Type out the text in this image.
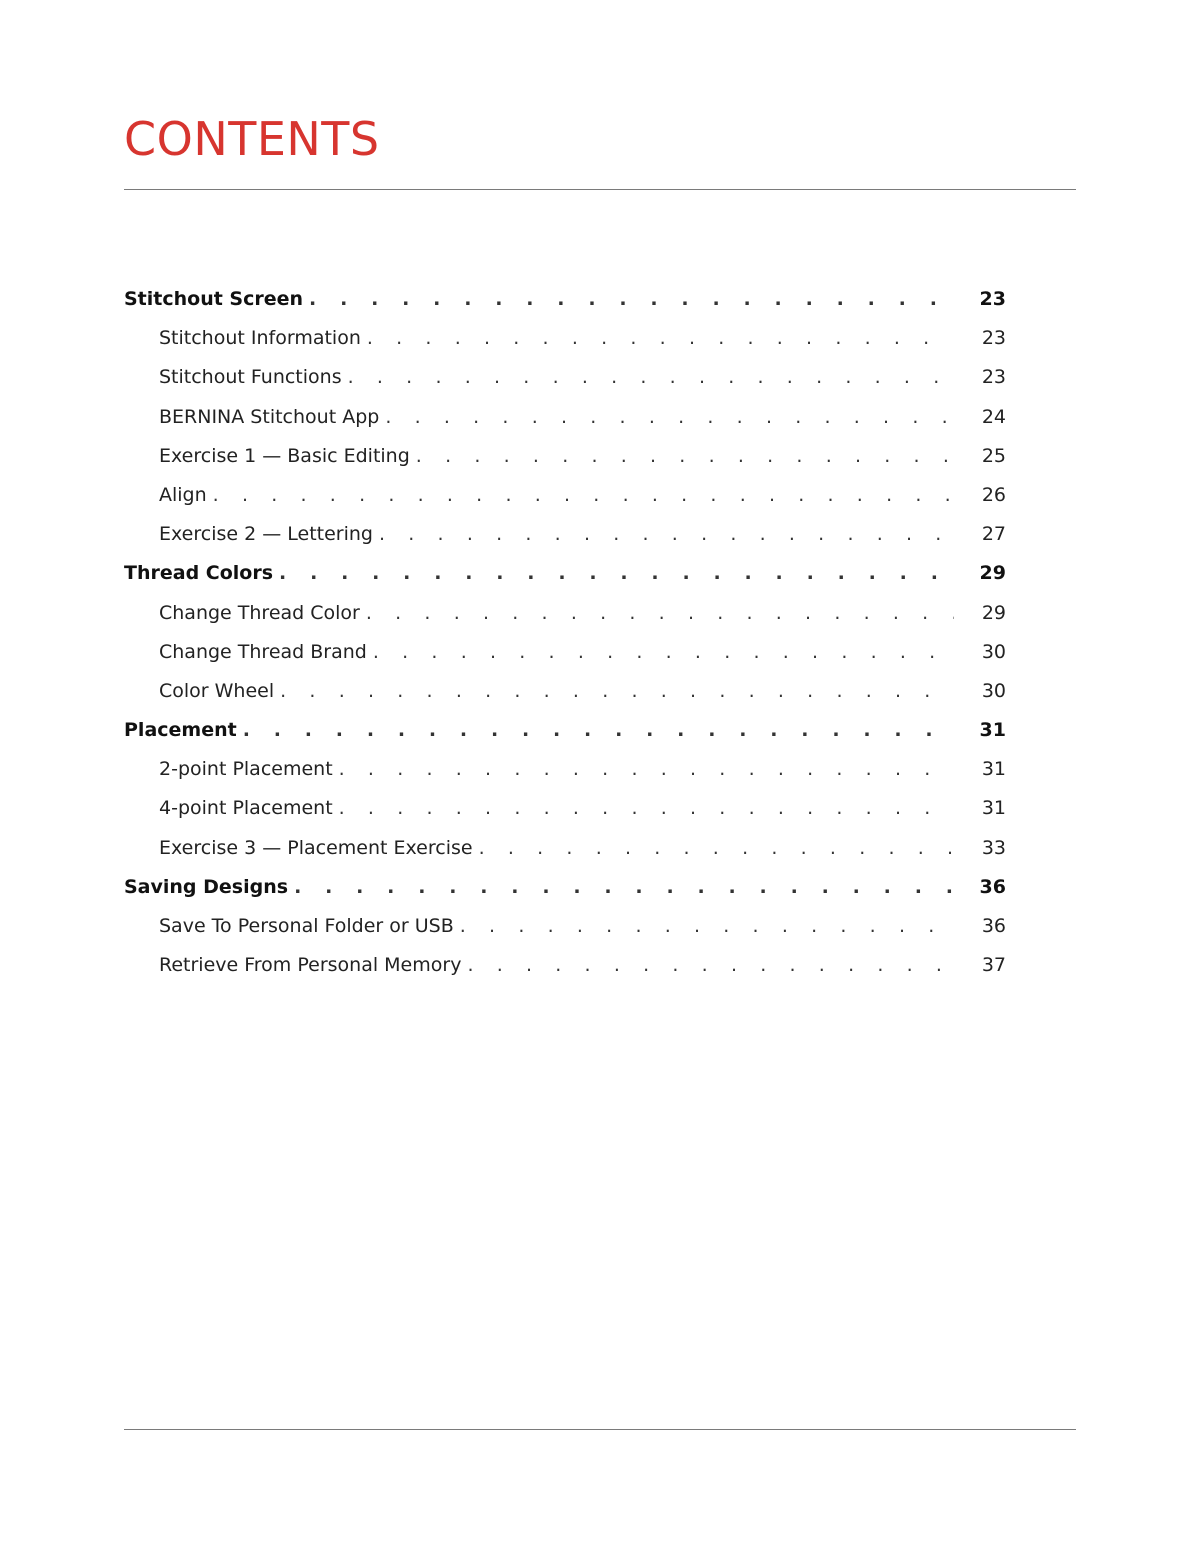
CONTENTS
Stitchout Screen . . .	23
Stitchout Information . . .	23
Stitchout Functions . . .	23
BERNINA Stitchout App . . .	24
Exercise 1 — Basic Editing . . .	25
Align . . .	26
Exercise 2 — Lettering . . .	27
Thread Colors . . .	29
Change Thread Color . . .	29
Change Thread Brand . . .	30
Color Wheel . . .	30
Placement . . .	31
2-point Placement . . .	31
4-point Placement . . .	31
Exercise 3 — Placement Exercise . . .	33
Saving Designs . . .	36
Save To Personal Folder or USB . . .	36
Retrieve From Personal Memory . . .	37
